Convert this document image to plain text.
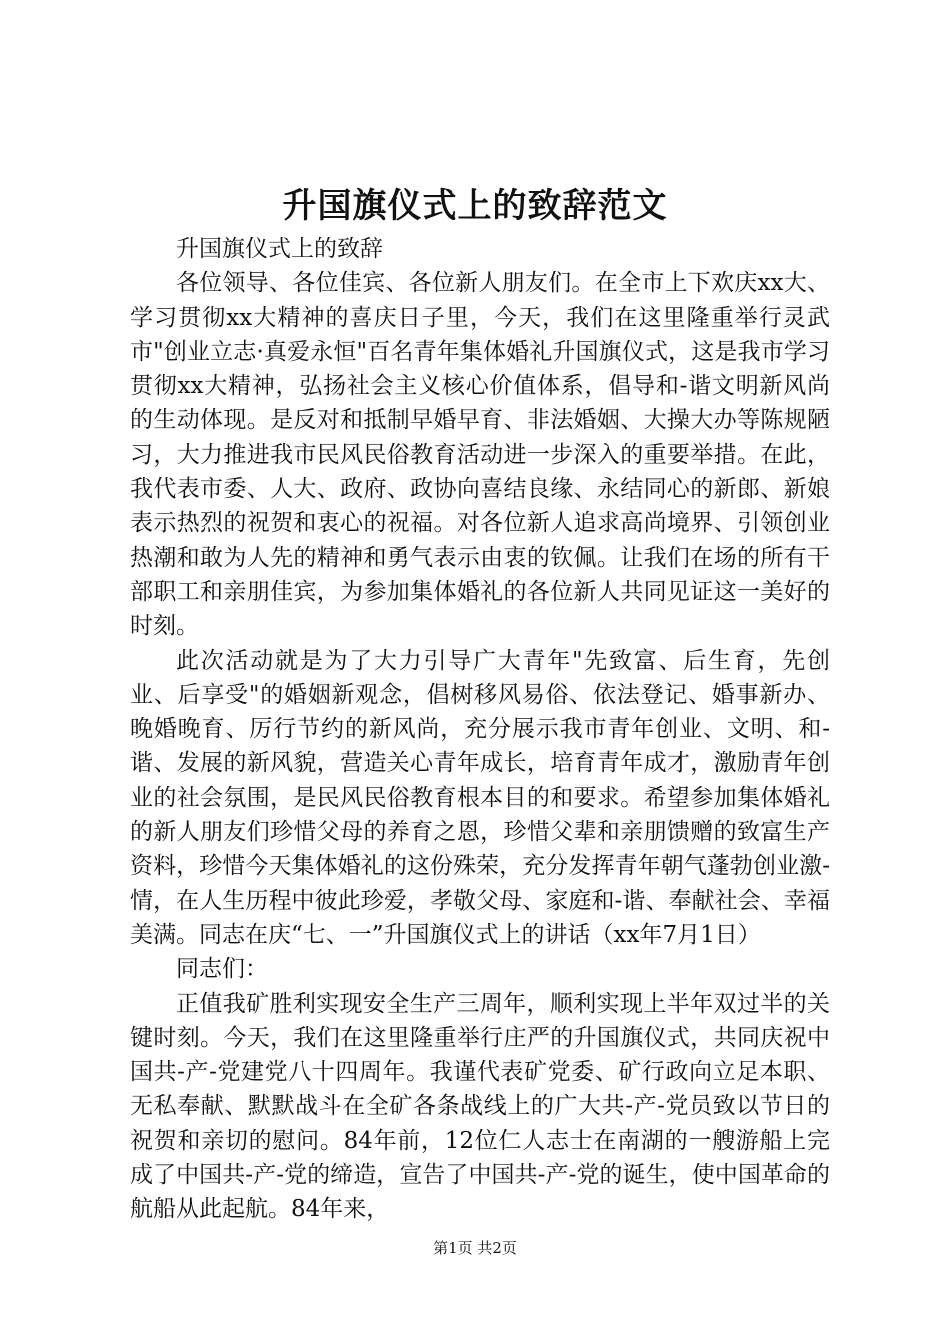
升国旗仪式上的致辞范文

升国旗仪式上的致辞

各位领导、各位佳宾、各位新人朋友们。在全市上下欢庆xx大、学习贯彻xx大精神的喜庆日子里，今天，我们在这里隆重举行灵武市"创业立志·真爱永恒"百名青年集体婚礼升国旗仪式，这是我市学习贯彻xx大精神，弘扬社会主义核心价值体系，倡导和-谐文明新风尚的生动体现。是反对和抵制早婚早育、非法婚姻、大操大办等陈规陋习，大力推进我市民风民俗教育活动进一步深入的重要举措。在此，我代表市委、人大、政府、政协向喜结良缘、永结同心的新郎、新娘表示热烈的祝贺和衷心的祝福。对各位新人追求高尚境界、引领创业热潮和敢为人先的精神和勇气表示由衷的钦佩。让我们在场的所有干部职工和亲朋佳宾，为参加集体婚礼的各位新人共同见证这一美好的时刻。

此次活动就是为了大力引导广大青年"先致富、后生育，先创业、后享受"的婚姻新观念，倡树移风易俗、依法登记、婚事新办、晚婚晚育、厉行节约的新风尚，充分展示我市青年创业、文明、和-谐、发展的新风貌，营造关心青年成长，培育青年成才，激励青年创业的社会氛围，是民风民俗教育根本目的和要求。希望参加集体婚礼的新人朋友们珍惜父母的养育之恩，珍惜父辈和亲朋馈赠的致富生产资料，珍惜今天集体婚礼的这份殊荣，充分发挥青年朝气蓬勃创业激-情，在人生历程中彼此珍爱，孝敬父母、家庭和-谐、奉献社会、幸福美满。同志在庆“七、一”升国旗仪式上的讲话（xx年7月1日）

同志们：

正值我矿胜利实现安全生产三周年，顺利实现上半年双过半的关键时刻。今天，我们在这里隆重举行庄严的升国旗仪式，共同庆祝中国共-产-党建党八十四周年。我谨代表矿党委、矿行政向立足本职、无私奉献、默默战斗在全矿各条战线上的广大共-产-党员致以节日的祝贺和亲切的慰问。84年前，12位仁人志士在南湖的一艘游船上完成了中国共-产-党的缔造，宣告了中国共-产-党的诞生，使中国革命的航船从此起航。84年来，

第1页 共2页
